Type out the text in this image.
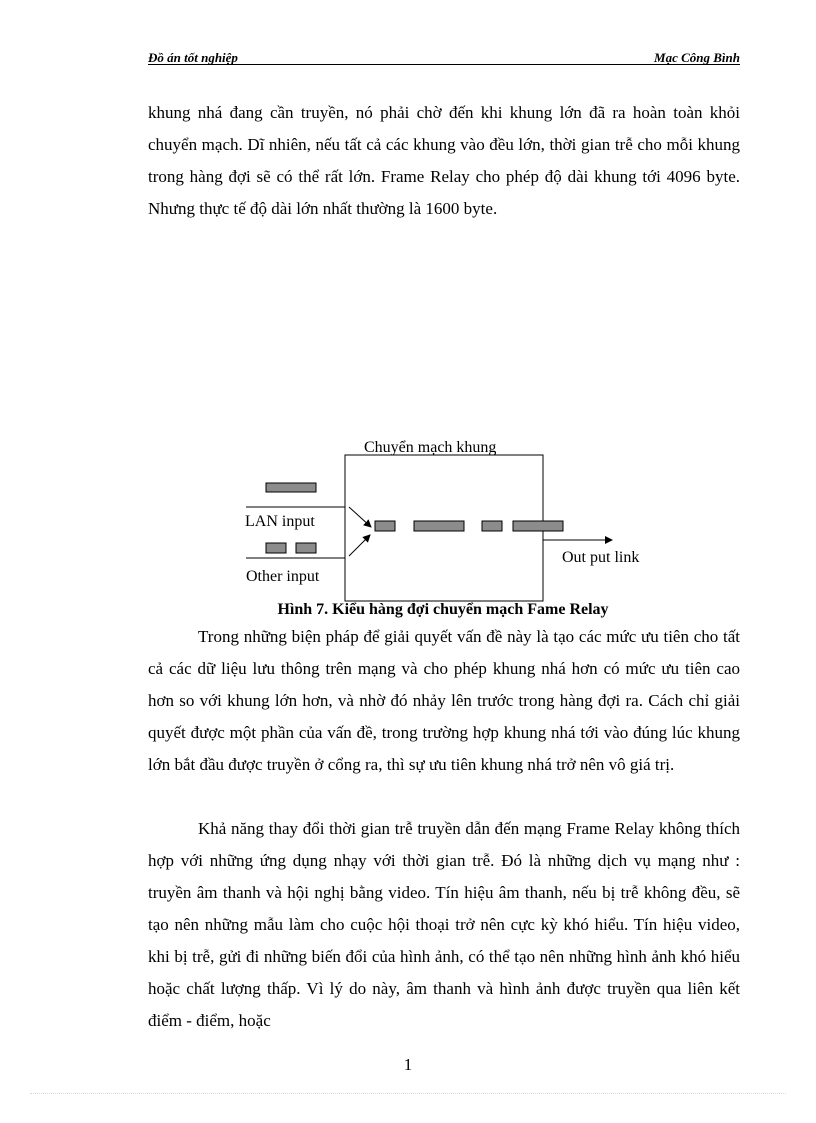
Đồ án tốt nghiệp	Mạc Công Bình

khung nhá đang cần truyền, nó phải chờ đến khi khung lớn đã ra hoàn toàn khỏi chuyển mạch. Dĩ nhiên, nếu tất cả các khung vào đều lớn, thời gian trễ cho mỗi khung trong hàng đợi sẽ có thể rất lớn. Frame Relay cho phép độ dài khung tới 4096 byte. Nhưng thực tế độ dài lớn nhất thường là 1600 byte.

Chuyển mạch khung
LAN input
Other input
Out put link
Hình 7. Kiểu hàng đợi chuyển mạch Fame Relay

Trong những biện pháp để giải quyết vấn đề này là tạo các mức ưu tiên cho tất cả các dữ liệu lưu thông trên mạng và cho phép khung nhá hơn có mức ưu tiên cao hơn so với khung lớn hơn, và nhờ đó nhảy lên trước trong hàng đợi ra. Cách chỉ giải quyết được một phần của vấn đề, trong trường hợp khung nhá tới vào đúng lúc khung lớn bắt đầu được truyền ở cổng ra, thì sự ưu tiên khung nhá trở nên vô giá trị.

Khả năng thay đổi thời gian trễ truyền dẫn đến mạng Frame Relay không thích hợp với những ứng dụng nhạy với thời gian trễ. Đó là những dịch vụ mạng như : truyền âm thanh và hội nghị bằng video. Tín hiệu âm thanh, nếu bị trễ không đều, sẽ tạo nên những mẫu làm cho cuộc hội thoại trở nên cực kỳ khó hiểu. Tín hiệu video, khi bị trễ, gửi đi những biến đổi của hình ảnh, có thể tạo nên những hình ảnh khó hiểu hoặc chất lượng thấp. Vì lý do này, âm thanh và hình ảnh được truyền qua liên kết điểm - điểm, hoặc

1
